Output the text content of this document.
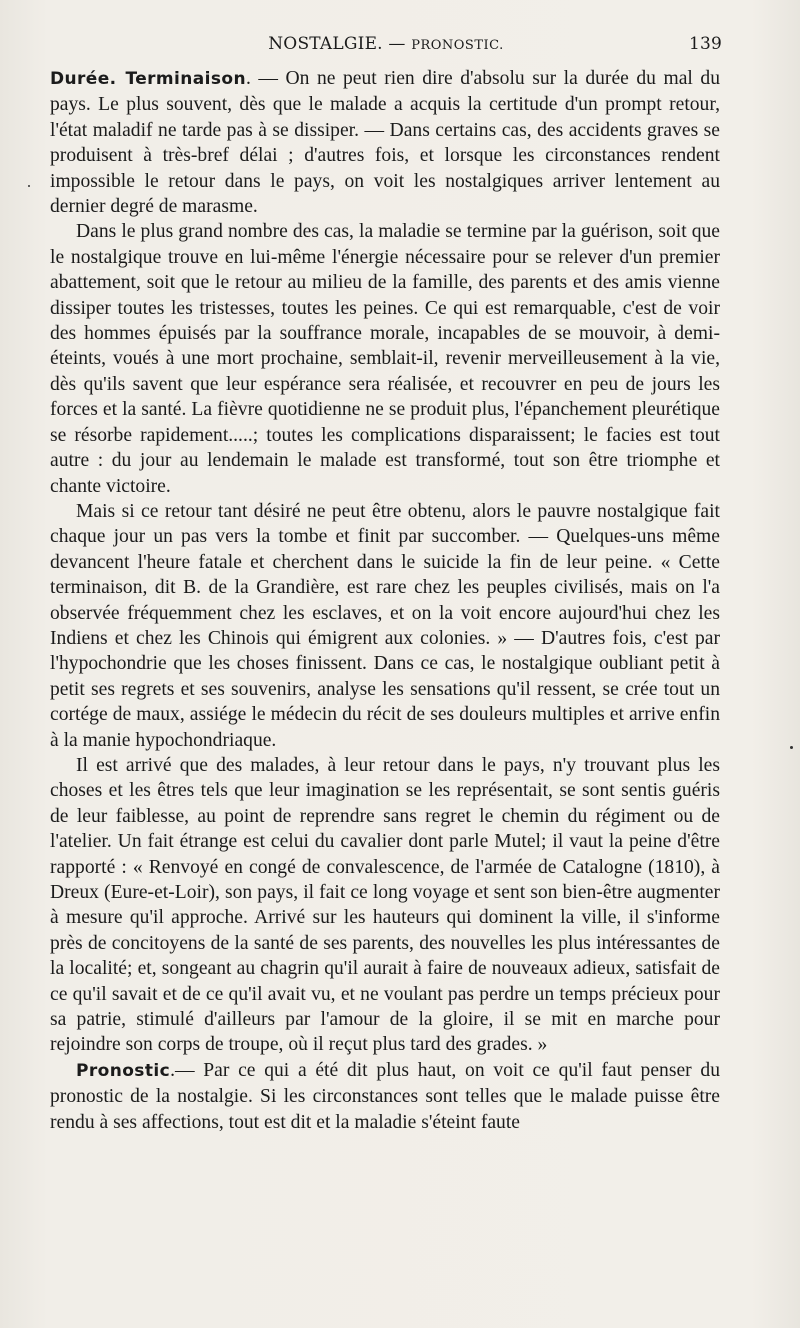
NOSTALGIE. — PRONOSTIC.	139

Durée. Terminaison. — On ne peut rien dire d'absolu sur la durée du mal du pays. Le plus souvent, dès que le malade a acquis la certitude d'un prompt retour, l'état maladif ne tarde pas à se dissiper. — Dans certains cas, des accidents graves se produisent à très-bref délai ; d'autres fois, et lorsque les circonstances rendent impossible le retour dans le pays, on voit les nostalgiques arriver lentement au dernier degré de marasme.

Dans le plus grand nombre des cas, la maladie se termine par la guérison, soit que le nostalgique trouve en lui-même l'énergie nécessaire pour se relever d'un premier abattement, soit que le retour au milieu de la famille, des parents et des amis vienne dissiper toutes les tristesses, toutes les peines. Ce qui est remarquable, c'est de voir des hommes épuisés par la souffrance morale, incapables de se mouvoir, à demi-éteints, voués à une mort prochaine, semblait-il, revenir merveilleusement à la vie, dès qu'ils savent que leur espérance sera réalisée, et recouvrer en peu de jours les forces et la santé. La fièvre quotidienne ne se produit plus, l'épanchement pleurétique se résorbe rapidement.....; toutes les complications disparaissent; le facies est tout autre : du jour au lendemain le malade est transformé, tout son être triomphe et chante victoire.

Mais si ce retour tant désiré ne peut être obtenu, alors le pauvre nostalgique fait chaque jour un pas vers la tombe et finit par succomber. — Quelques-uns même devancent l'heure fatale et cherchent dans le suicide la fin de leur peine. « Cette terminaison, dit B. de la Grandière, est rare chez les peuples civilisés, mais on l'a observée fréquemment chez les esclaves, et on la voit encore aujourd'hui chez les Indiens et chez les Chinois qui émigrent aux colonies. » — D'autres fois, c'est par l'hypochondrie que les choses finissent. Dans ce cas, le nostalgique oubliant petit à petit ses regrets et ses souvenirs, analyse les sensations qu'il ressent, se crée tout un cortége de maux, assiége le médecin du récit de ses douleurs multiples et arrive enfin à la manie hypochondriaque.

Il est arrivé que des malades, à leur retour dans le pays, n'y trouvant plus les choses et les êtres tels que leur imagination se les représentait, se sont sentis guéris de leur faiblesse, au point de reprendre sans regret le chemin du régiment ou de l'atelier. Un fait étrange est celui du cavalier dont parle Mutel; il vaut la peine d'être rapporté : « Renvoyé en congé de convalescence, de l'armée de Catalogne (1810), à Dreux (Eure-et-Loir), son pays, il fait ce long voyage et sent son bien-être augmenter à mesure qu'il approche. Arrivé sur les hauteurs qui dominent la ville, il s'informe près de concitoyens de la santé de ses parents, des nouvelles les plus intéressantes de la localité; et, songeant au chagrin qu'il aurait à faire de nouveaux adieux, satisfait de ce qu'il savait et de ce qu'il avait vu, et ne voulant pas perdre un temps précieux pour sa patrie, stimulé d'ailleurs par l'amour de la gloire, il se mit en marche pour rejoindre son corps de troupe, où il reçut plus tard des grades. »

Pronostic.— Par ce qui a été dit plus haut, on voit ce qu'il faut penser du pronostic de la nostalgie. Si les circonstances sont telles que le malade puisse être rendu à ses affections, tout est dit et la maladie s'éteint faute
